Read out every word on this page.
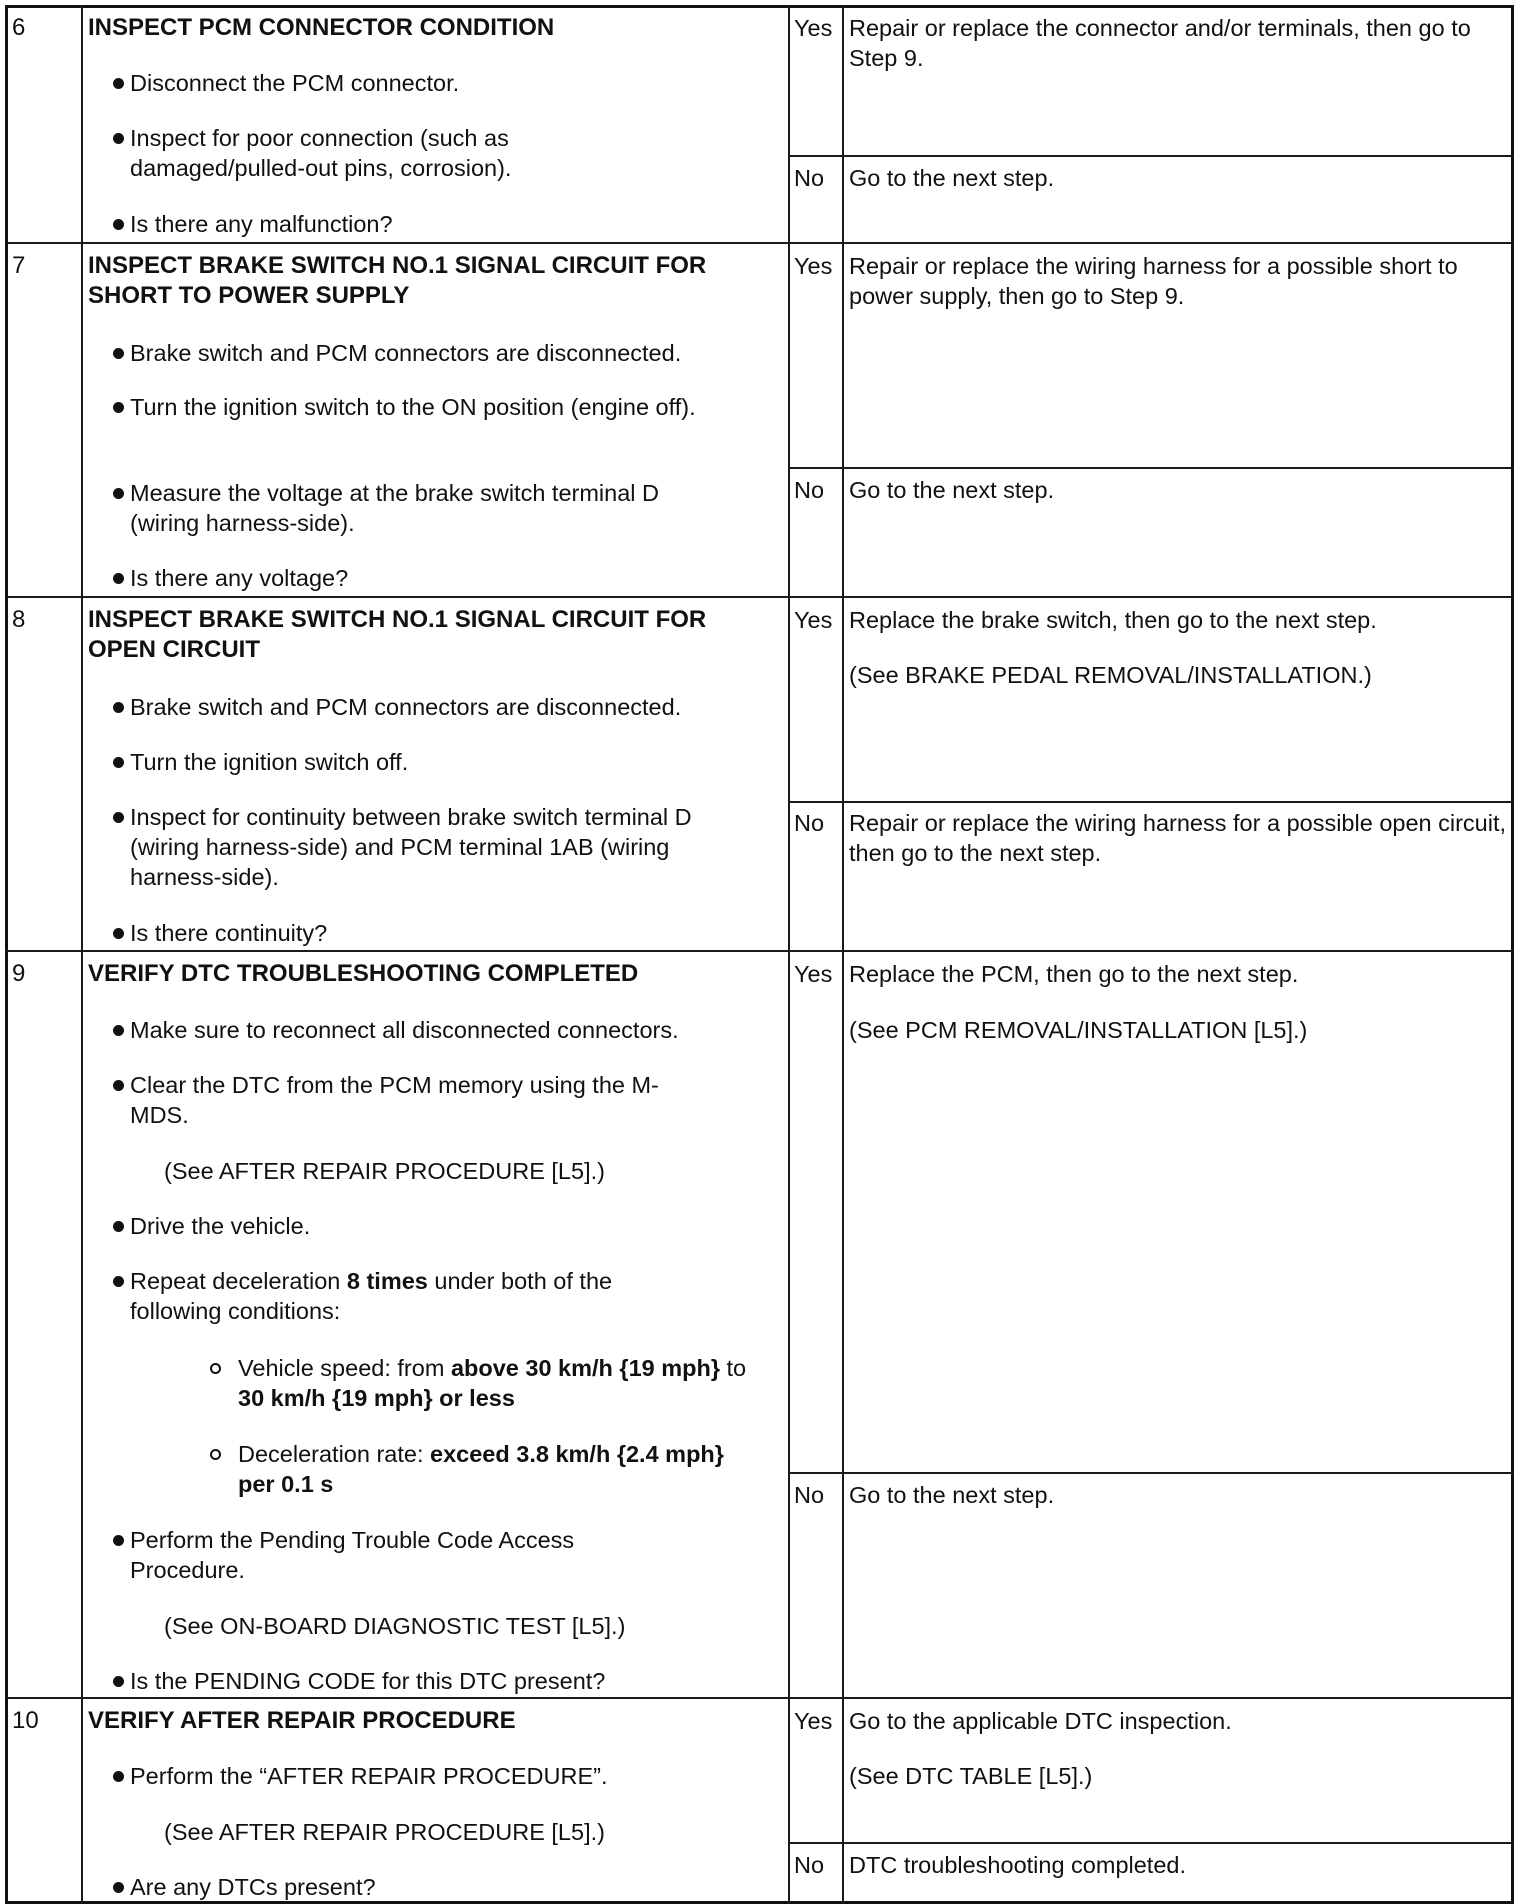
6	INSPECT PCM CONNECTOR CONDITION
Disconnect the PCM connector.
Inspect for poor connection (such as damaged/pulled-out pins, corrosion).
Is there any malfunction?
Yes Repair or replace the connector and/or terminals, then go to Step 9.
No Go to the next step.
7	INSPECT BRAKE SWITCH NO.1 SIGNAL CIRCUIT FOR SHORT TO POWER SUPPLY
Brake switch and PCM connectors are disconnected.
Turn the ignition switch to the ON position (engine off).
Measure the voltage at the brake switch terminal D (wiring harness-side).
Is there any voltage?
Yes Repair or replace the wiring harness for a possible short to power supply, then go to Step 9.
No Go to the next step.
8	INSPECT BRAKE SWITCH NO.1 SIGNAL CIRCUIT FOR OPEN CIRCUIT
Brake switch and PCM connectors are disconnected.
Turn the ignition switch off.
Inspect for continuity between brake switch terminal D (wiring harness-side) and PCM terminal 1AB (wiring harness-side).
Is there continuity?
Yes Replace the brake switch, then go to the next step.
(See BRAKE PEDAL REMOVAL/INSTALLATION.)
No Repair or replace the wiring harness for a possible open circuit, then go to the next step.
9	VERIFY DTC TROUBLESHOOTING COMPLETED
Make sure to reconnect all disconnected connectors.
Clear the DTC from the PCM memory using the M-MDS.
(See AFTER REPAIR PROCEDURE [L5].)
Drive the vehicle.
Repeat deceleration 8 times under both of the following conditions:
Vehicle speed: from above 30 km/h {19 mph} to 30 km/h {19 mph} or less
Deceleration rate: exceed 3.8 km/h {2.4 mph} per 0.1 s
Perform the Pending Trouble Code Access Procedure.
(See ON-BOARD DIAGNOSTIC TEST [L5].)
Is the PENDING CODE for this DTC present?
Yes Replace the PCM, then go to the next step.
(See PCM REMOVAL/INSTALLATION [L5].)
No Go to the next step.
10 VERIFY AFTER REPAIR PROCEDURE
Perform the “AFTER REPAIR PROCEDURE”.
(See AFTER REPAIR PROCEDURE [L5].)
Are any DTCs present?
Yes Go to the applicable DTC inspection.
(See DTC TABLE [L5].)
No DTC troubleshooting completed.
